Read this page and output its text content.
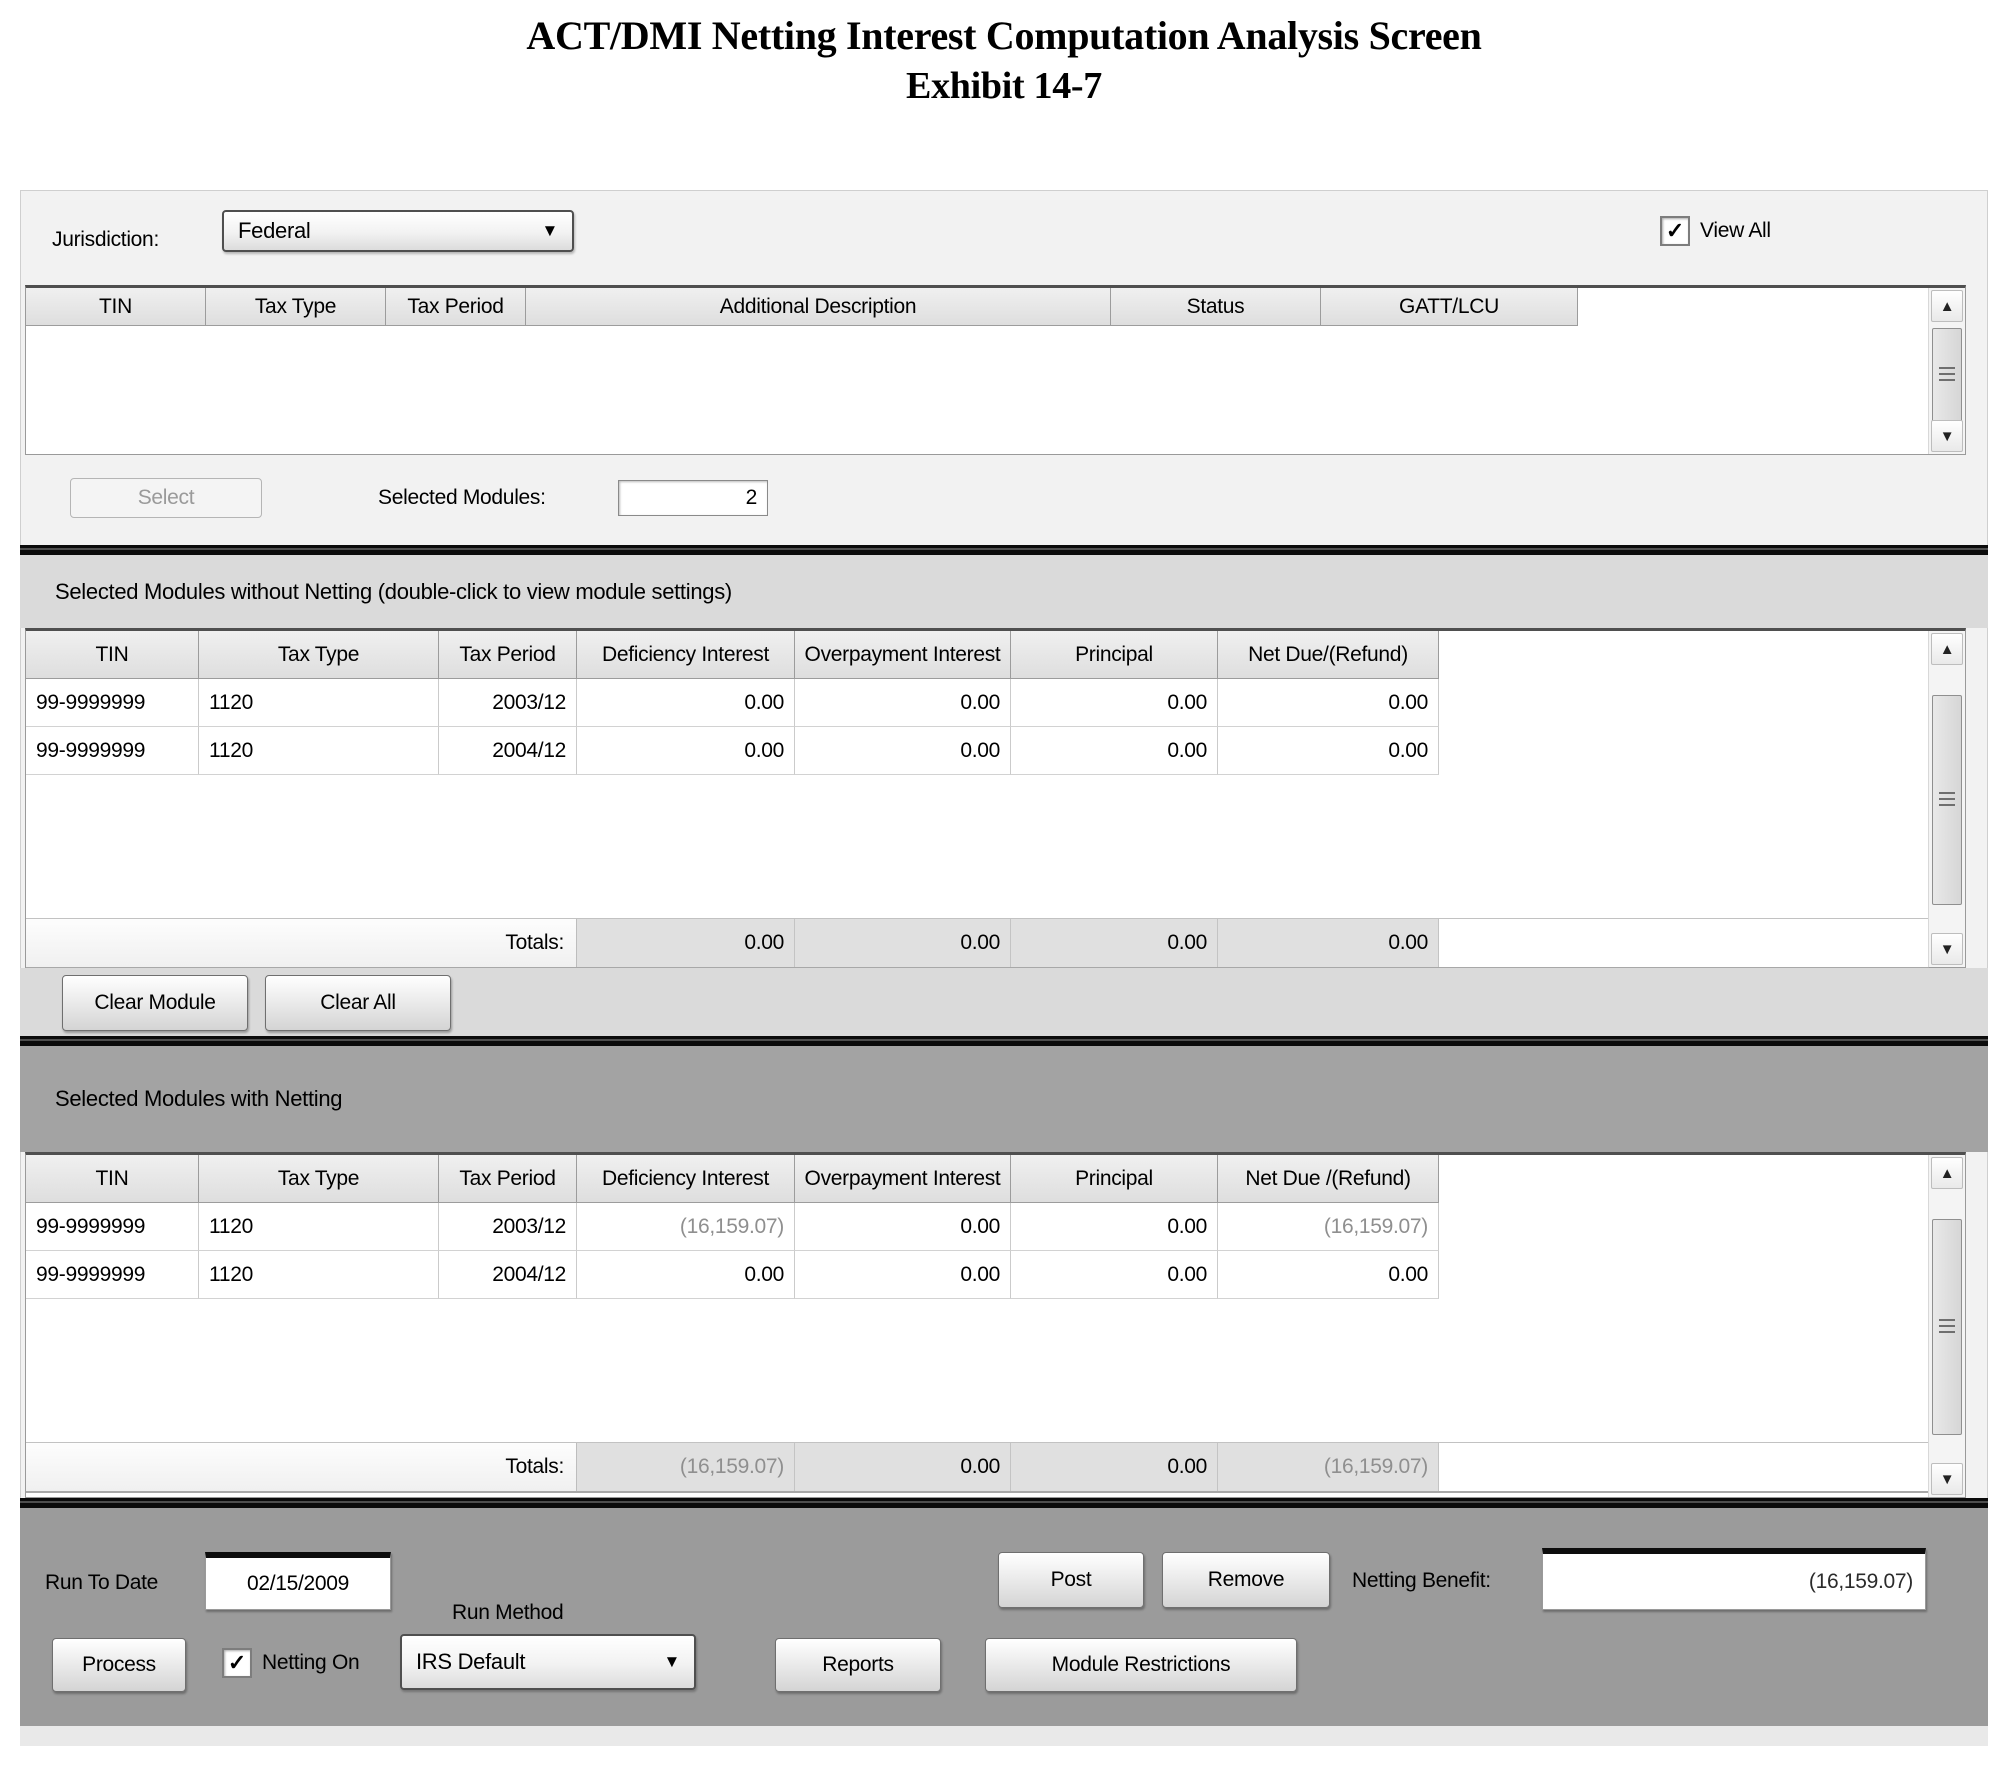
ACT/DMI Netting Interest Computation Analysis Screen
Exhibit 14-7
Jurisdiction:	Federal	▼	✓ View All
TIN	Tax Type	Tax Period	Additional Description	Status	GATT/LCU	▲
▼
Select	Selected Modules:	2
Selected Modules without Netting (double-click to view module settings)
TIN	Tax Type	Tax Period	Deficiency Interest	Overpayment Interest	Principal	Net Due/(Refund)
99-9999999	1120	2003/12	0.00	0.00	0.00	0.00
99-9999999	1120	2004/12	0.00	0.00	0.00	0.00
Totals:	0.00	0.00	0.00	0.00
▲
▼
Clear Module	Clear All
Selected Modules with Netting
TIN	Tax Type	Tax Period	Deficiency Interest	Overpayment Interest	Principal	Net Due /(Refund)
99-9999999	1120	2003/12	(16,159.07)	0.00	0.00	(16,159.07)
99-9999999	1120	2004/12	0.00	0.00	0.00	0.00
Totals:	(16,159.07)	0.00	0.00	(16,159.07)
▲
▼
Run To Date	02/15/2009
Run Method
IRS Default	▼
Process	✓ Netting On	Reports
Post	Remove
Module Restrictions
Netting Benefit:	(16,159.07)
